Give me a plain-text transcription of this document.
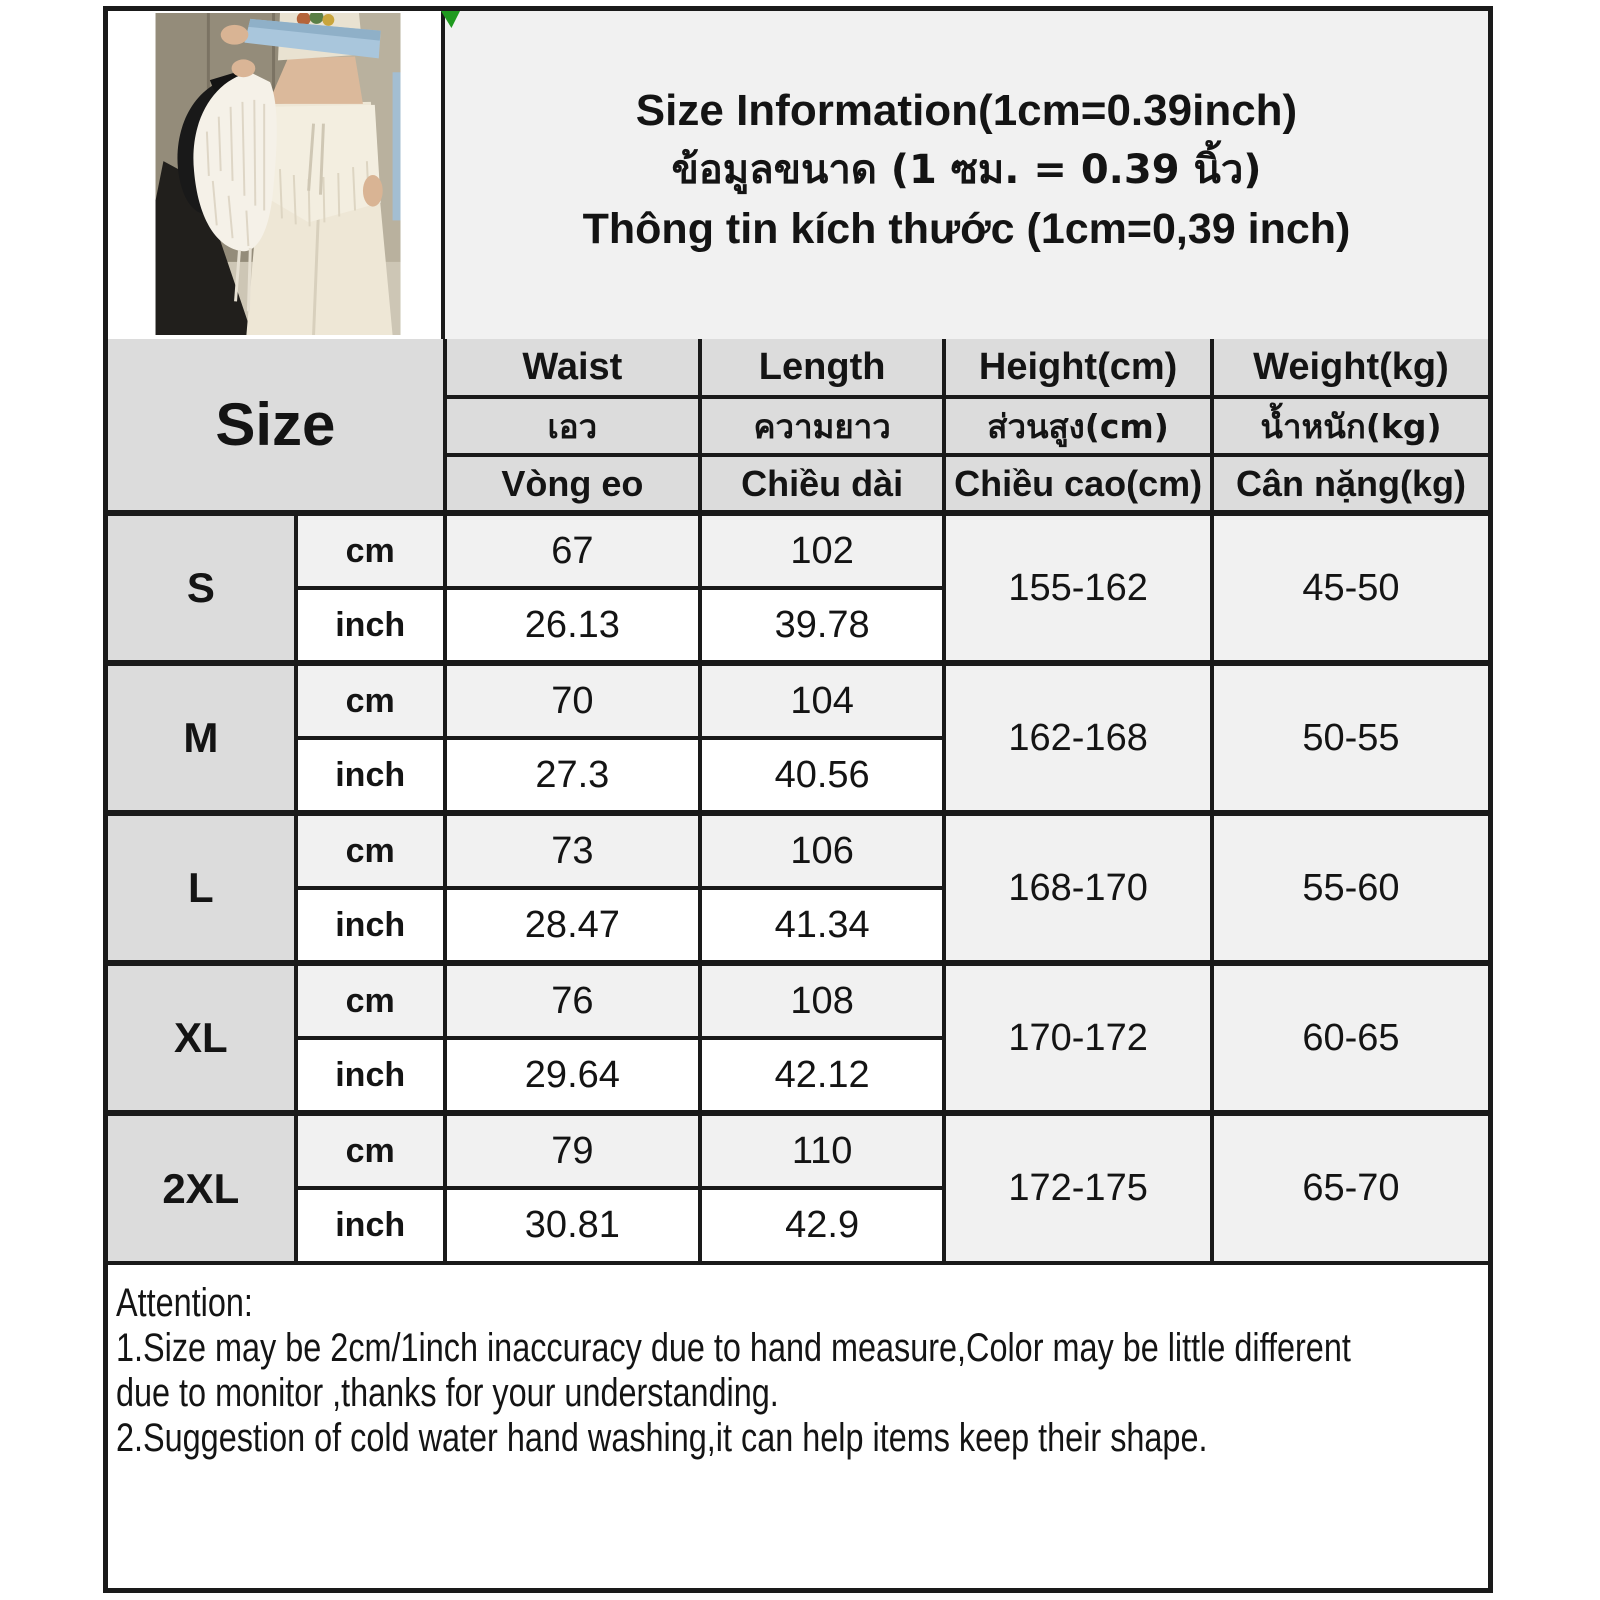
Size Information(1cm=0.39inch)
ข้อมูลขนาด (1 ซม. = 0.39 นิ้ว)
Thông tin kích thước (1cm=0,39 inch)
Size		Waist	Length	Height(cm)	Weight(kg)
		เอว	ความยาว	ส่วนสูง(cm)	น้ำหนัก(kg)
		Vòng eo	Chiều dài	Chiều cao(cm)	Cân nặng(kg)
S	cm	67	102	155-162	45-50
	inch	26.13	39.78		
M	cm	70	104	162-168	50-55
	inch	27.3	40.56		
L	cm	73	106	168-170	55-60
	inch	28.47	41.34		
XL	cm	76	108	170-172	60-65
	inch	29.64	42.12		
2XL	cm	79	110	172-175	65-70
	inch	30.81	42.9		
Attention:
1.Size may be 2cm/1inch inaccuracy due to hand measure,Color may be little different
due to monitor ,thanks for your understanding.
2.Suggestion of cold water hand washing,it can help items keep their shape.
